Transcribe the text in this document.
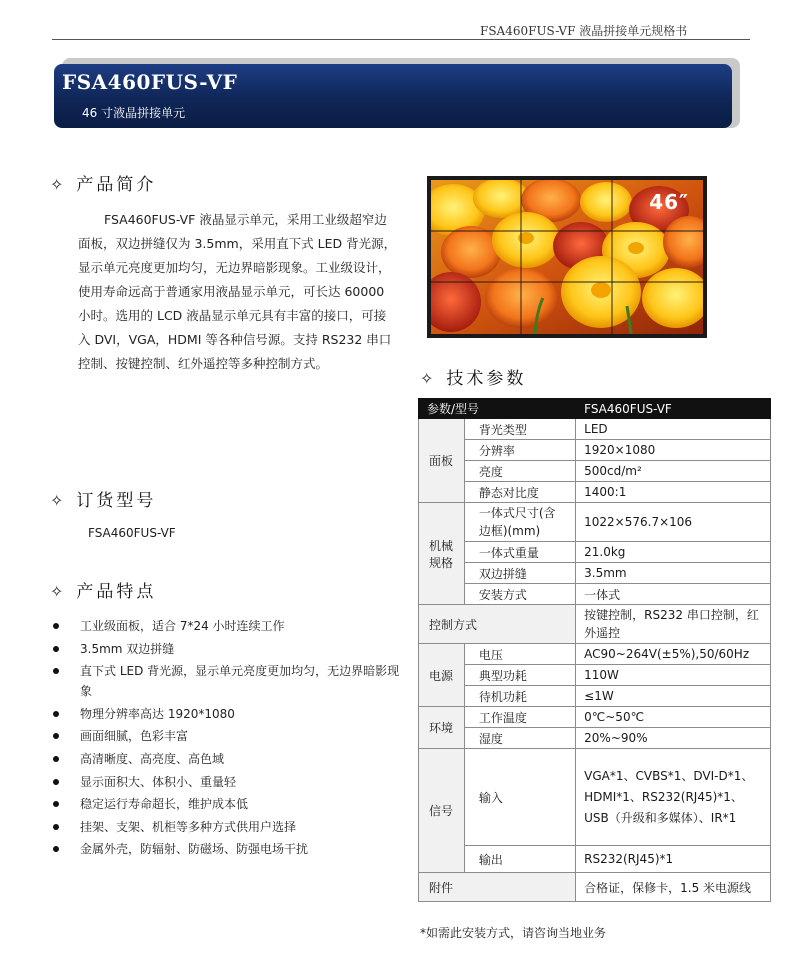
FSA460FUS-VF 液晶拼接单元规格书
FSA460FUS-VF
46 寸液晶拼接单元
✧ 产品简介

FSA460FUS-VF 液晶显示单元，采用工业级超窄边面板，双边拼缝仅为 3.5mm，采用直下式 LED 背光源，显示单元亮度更加均匀，无边界暗影现象。工业级设计，使用寿命远高于普通家用液晶显示单元，可长达 60000 小时。选用的 LCD 液晶显示单元具有丰富的接口，可接入 DVI，VGA，HDMI 等各种信号源。支持 RS232 串口控制、按键控制、红外遥控等多种控制方式。

✧ 订货型号
FSA460FUS-VF
✧ 产品特点
工业级面板，适合 7*24 小时连续工作
3.5mm 双边拼缝
直下式 LED 背光源，显示单元亮度更加均匀，无边界暗影现象
物理分辨率高达 1920*1080
画面细腻，色彩丰富
高清晰度、高亮度、高色域
显示面积大、体积小、重量轻
稳定运行寿命超长，维护成本低
挂架、支架、机柜等多种方式供用户选择
金属外壳，防辐射、防磁场、防强电场干扰
46″
✧ 技术参数
参数/型号		FSA460FUS-VF
面板	背光类型	LED
	分辨率	1920×1080
	亮度	500cd/m²
	静态对比度	1400:1
机械规格	一体式尺寸(含边框)(mm)	1022×576.7×106
	一体式重量	21.0kg
	双边拼缝	3.5mm
	安装方式	一体式
控制方式		按键控制，RS232 串口控制，红外遥控
电源	电压	AC90~264V(±5%),50/60Hz
	典型功耗	110W
	待机功耗	≤1W
环境	工作温度	0℃~50℃
	湿度	20%~90%
信号	输入	VGA*1、CVBS*1、DVI-D*1、HDMI*1、RS232(RJ45)*1、USB（升级和多媒体）、IR*1
	输出	RS232(RJ45)*1
附件		合格证，保修卡，1.5 米电源线
*如需此安装方式，请咨询当地业务
